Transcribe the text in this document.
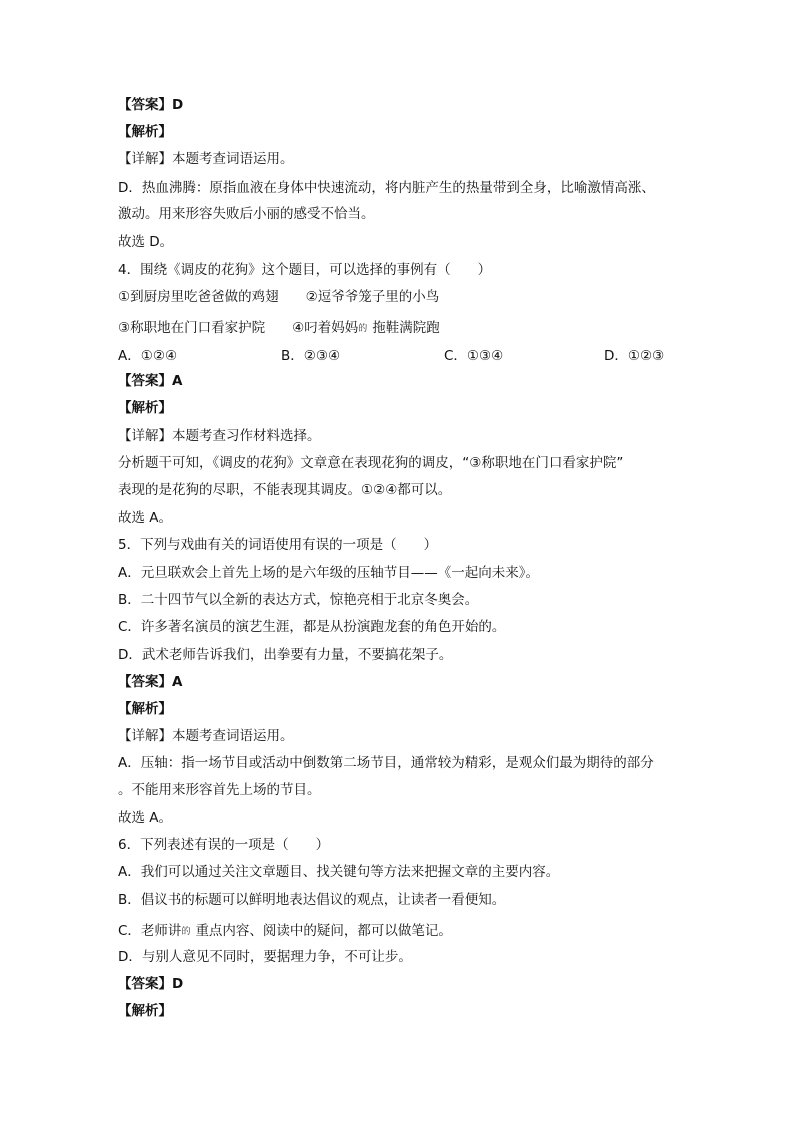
【答案】D
【解析】
【详解】本题考查词语运用。
D．热血沸腾：原指血液在身体中快速流动，将内脏产生的热量带到全身，比喻激情高涨、
激动。用来形容失败后小丽的感受不恰当。
故选 D。
4．围绕《调皮的花狗》这个题目，可以选择的事例有（　　）
①到厨房里吃爸爸做的鸡翅　　②逗爷爷笼子里的小鸟
③称职地在门口看家护院　　④叼着妈妈 的 拖鞋满院跑
A．①②④	B．②③④	C．①③④	D．①②③
【答案】A
【解析】
【详解】本题考查习作材料选择。
分析题干可知，《调皮的花狗》文章意在表现花狗的调皮，“③称职地在门口看家护院”
表现的是花狗的尽职，不能表现其调皮。①②④都可以。
故选 A。
5．下列与戏曲有关的词语使用有误的一项是（　　）
A．元旦联欢会上首先上场的是六年级的压轴节目——《一起向未来》。
B．二十四节气以全新的表达方式，惊艳亮相于北京冬奥会。
C．许多著名演员的演艺生涯，都是从扮演跑龙套的角色开始的。
D．武术老师告诉我们，出拳要有力量，不要搞花架子。
【答案】A
【解析】
【详解】本题考查词语运用。
A．压轴：指一场节目或活动中倒数第二场节目，通常较为精彩，是观众们最为期待的部分
。不能用来形容首先上场的节目。
故选 A。
6．下列表述有误的一项是（　　）
A．我们可以通过关注文章题目、找关键句等方法来把握文章的主要内容。
B．倡议书的标题可以鲜明地表达倡议的观点，让读者一看便知。
C．老师讲 的 重点内容、阅读中的疑问，都可以做笔记。
D．与别人意见不同时，要据理力争，不可让步。
【答案】D
【解析】
